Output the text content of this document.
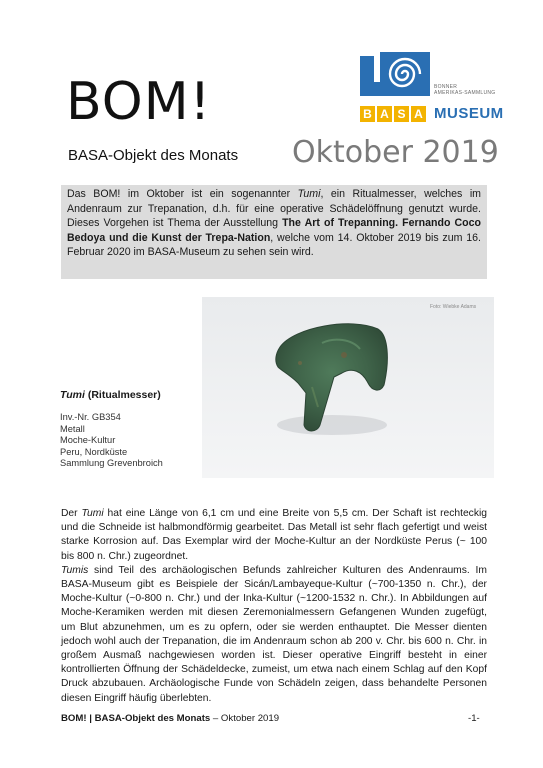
BOM!
BASA-Objekt des Monats Oktober 2019
BONNER
AMERIKAS-SAMMLUNG
B A S A MUSEUM
Das BOM! im Oktober ist ein sogenannter Tumi, ein Ritualmesser, welches im Andenraum zur Trepanation, d.h. für eine operative Schädelöffnung genutzt wurde. Dieses Vorgehen ist Thema der Ausstellung The Art of Trepanning. Fernando Coco Bedoya und die Kunst der Trepa-Nation, welche vom 14. Oktober 2019 bis zum 16. Februar 2020 im BASA-Museum zu sehen sein wird.
Foto: Wiebke Adams
Tumi (Ritualmesser)
Inv.-Nr. GB354
Metall
Moche-Kultur
Peru, Nordküste
Sammlung Grevenbroich

Der Tumi hat eine Länge von 6,1 cm und eine Breite von 5,5 cm. Der Schaft ist rechteckig und die Schneide ist halbmondförmig gearbeitet. Das Metall ist sehr flach gefertigt und weist starke Korrosion auf. Das Exemplar wird der Moche-Kultur an der Nordküste Perus (~ 100 bis 800 n. Chr.) zugeordnet.

Tumis sind Teil des archäologischen Befunds zahlreicher Kulturen des Andenraums. Im BASA-Museum gibt es Beispiele der Sicán/Lambayeque-Kultur (~700-1350 n. Chr.), der Moche-Kultur (~0-800 n. Chr.) und der Inka-Kultur (~1200-1532 n. Chr.). In Abbildungen auf Moche-Keramiken werden mit diesen Zeremonialmessern Gefangenen Wunden zugefügt, um Blut abzunehmen, um es zu opfern, oder sie werden enthauptet. Die Messer dienten jedoch wohl auch der Trepanation, die im Andenraum schon ab 200 v. Chr. bis 600 n. Chr. in großem Ausmaß nachgewiesen worden ist. Dieser operative Eingriff besteht in einer kontrollierten Öffnung der Schädeldecke, zumeist, um etwa nach einem Schlag auf den Kopf Druck abzubauen. Archäologische Funde von Schädeln zeigen, dass behandelte Personen diesen Eingriff häufig überlebten.

BOM! | BASA-Objekt des Monats – Oktober 2019	-1-
